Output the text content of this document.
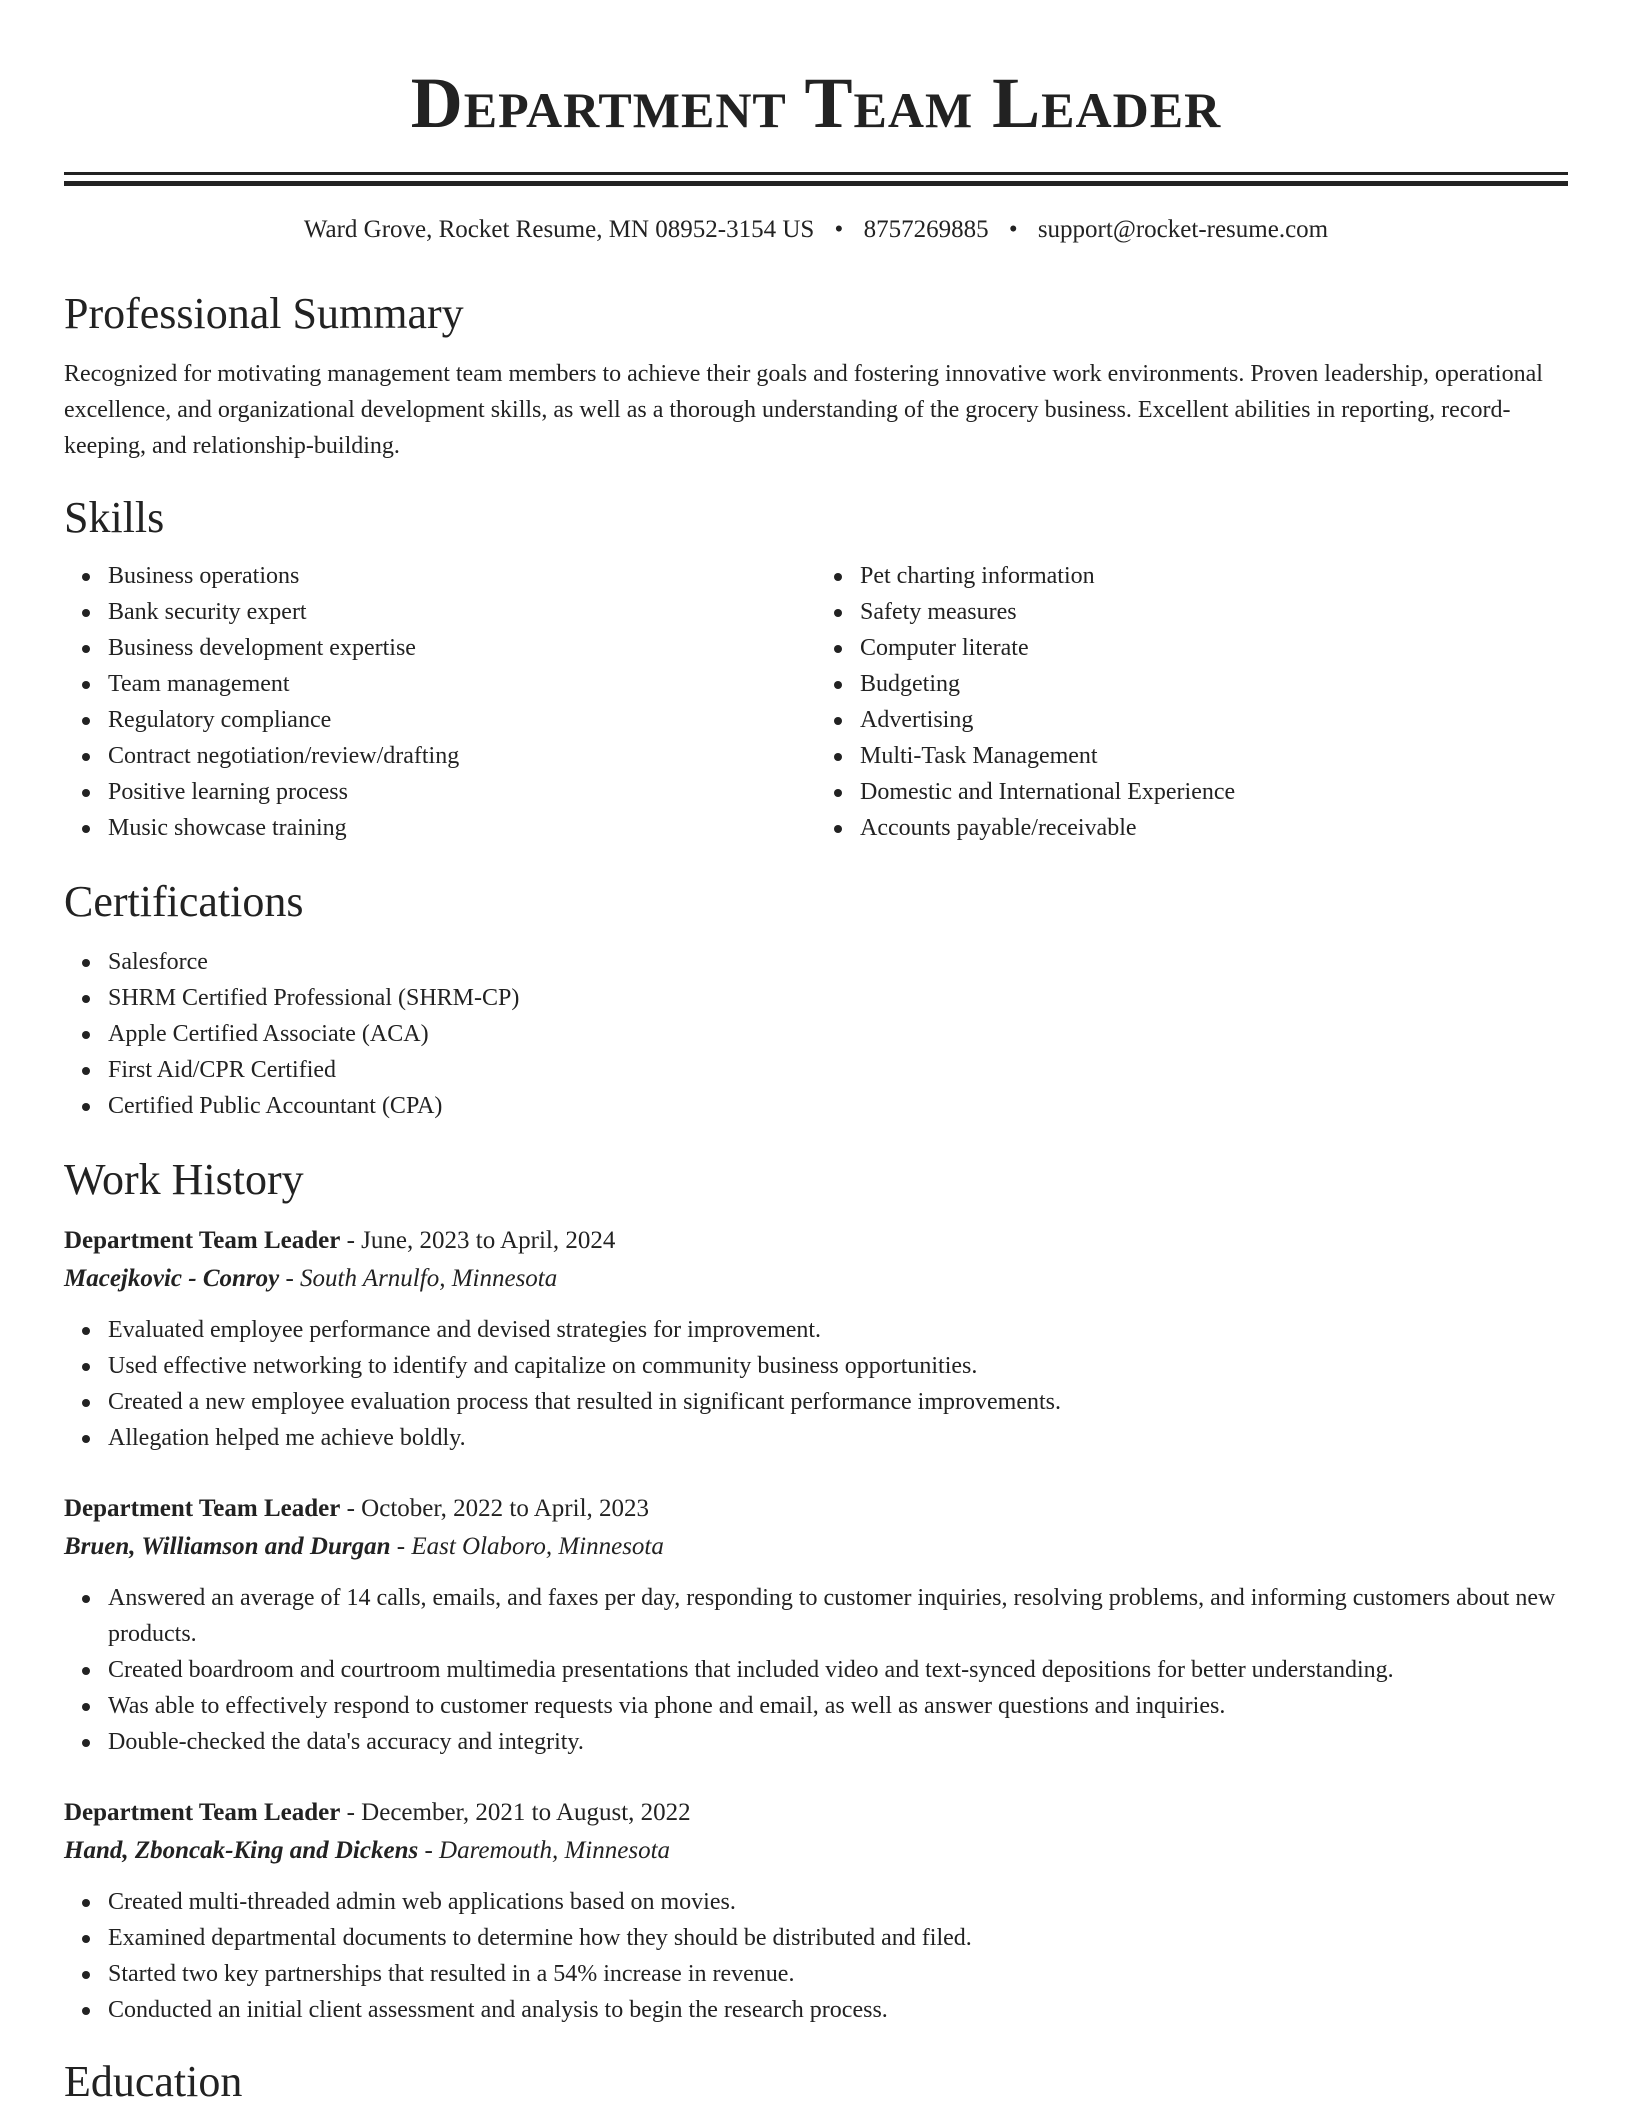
Department Team Leader
Ward Grove, Rocket Resume, MN 08952-3154 US • 8757269885 • support@rocket-resume.com
Professional Summary

Recognized for motivating management team members to achieve their goals and fostering innovative work environments. Proven leadership, operational excellence, and organizational development skills, as well as a thorough understanding of the grocery business. Excellent abilities in reporting, record-keeping, and relationship-building.

Skills
Business operations
Bank security expert
Business development expertise
Team management
Regulatory compliance
Contract negotiation/review/drafting
Positive learning process
Music showcase training
Pet charting information
Safety measures
Computer literate
Budgeting
Advertising
Multi-Task Management
Domestic and International Experience
Accounts payable/receivable
Certifications
Salesforce
SHRM Certified Professional (SHRM-CP)
Apple Certified Associate (ACA)
First Aid/CPR Certified
Certified Public Accountant (CPA)
Work History
Department Team Leader - June, 2023 to April, 2024
Macejkovic - Conroy - South Arnulfo, Minnesota
Evaluated employee performance and devised strategies for improvement.
Used effective networking to identify and capitalize on community business opportunities.
Created a new employee evaluation process that resulted in significant performance improvements.
Allegation helped me achieve boldly.
Department Team Leader - October, 2022 to April, 2023
Bruen, Williamson and Durgan - East Olaboro, Minnesota
Answered an average of 14 calls, emails, and faxes per day, responding to customer inquiries, resolving problems, and informing customers about new products.
Created boardroom and courtroom multimedia presentations that included video and text-synced depositions for better understanding.
Was able to effectively respond to customer requests via phone and email, as well as answer questions and inquiries.
Double-checked the data's accuracy and integrity.
Department Team Leader - December, 2021 to August, 2022
Hand, Zboncak-King and Dickens - Daremouth, Minnesota
Created multi-threaded admin web applications based on movies.
Examined departmental documents to determine how they should be distributed and filed.
Started two key partnerships that resulted in a 54% increase in revenue.
Conducted an initial client assessment and analysis to begin the research process.
Education
